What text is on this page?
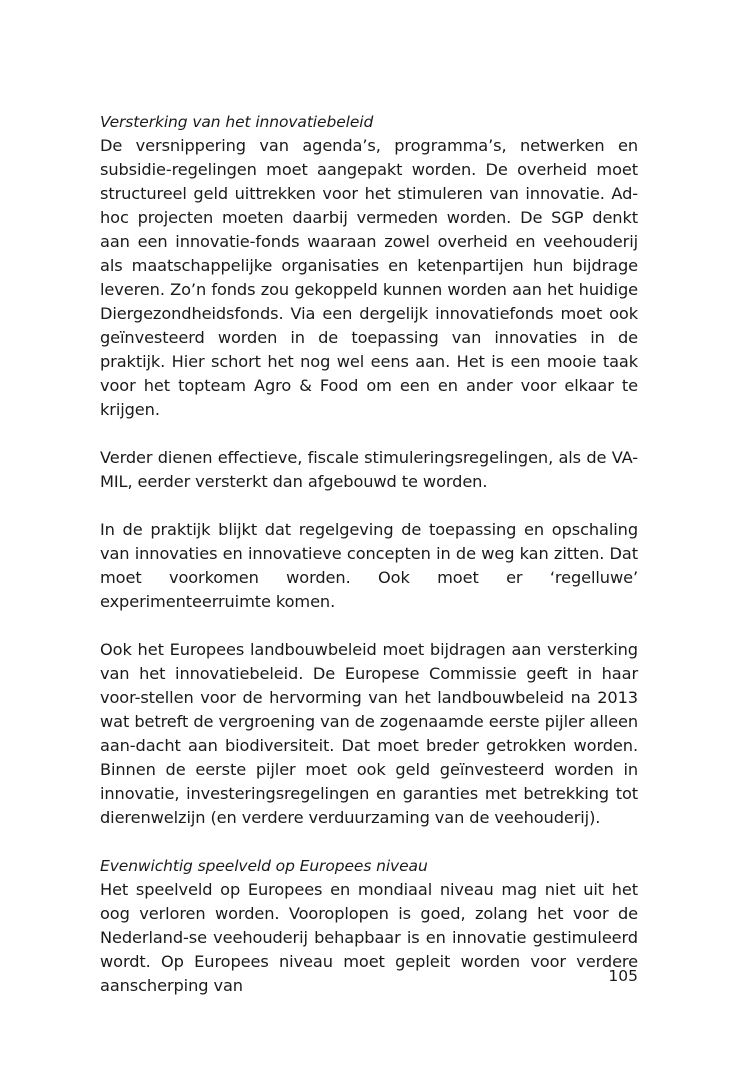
Versterking van het innovatiebeleid

De versnippering van agenda’s, programma’s, netwerken en subsidie-regelingen moet aangepakt worden. De overheid moet structureel geld uittrekken voor het stimuleren van innovatie. Ad-hoc projecten moeten daarbij vermeden worden. De SGP denkt aan een innovatie-fonds waaraan zowel overheid en veehouderij als maatschappelijke organisaties en ketenpartijen hun bijdrage leveren. Zo’n fonds zou gekoppeld kunnen worden aan het huidige Diergezondheidsfonds. Via een dergelijk innovatiefonds moet ook geïnvesteerd worden in de toepassing van innovaties in de praktijk. Hier schort het nog wel eens aan. Het is een mooie taak voor het topteam Agro & Food om een en ander voor elkaar te krijgen.

Verder dienen effectieve, fiscale stimuleringsregelingen, als de VA-MIL, eerder versterkt dan afgebouwd te worden.

In de praktijk blijkt dat regelgeving de toepassing en opschaling van innovaties en innovatieve concepten in de weg kan zitten. Dat moet voorkomen worden. Ook moet er ‘regelluwe’ experimenteerruimte komen.

Ook het Europees landbouwbeleid moet bijdragen aan versterking van het innovatiebeleid. De Europese Commissie geeft in haar voor-stellen voor de hervorming van het landbouwbeleid na 2013 wat betreft de vergroening van de zogenaamde eerste pijler alleen aan-dacht aan biodiversiteit. Dat moet breder getrokken worden. Binnen de eerste pijler moet ook geld geïnvesteerd worden in innovatie, investeringsregelingen en garanties met betrekking tot dierenwelzijn (en verdere verduurzaming van de veehouderij).

Evenwichtig speelveld op Europees niveau

Het speelveld op Europees en mondiaal niveau mag niet uit het oog verloren worden. Vooroplopen is goed, zolang het voor de Nederland-se veehouderij behapbaar is en innovatie gestimuleerd wordt. Op Europees niveau moet gepleit worden voor verdere aanscherping van	105
